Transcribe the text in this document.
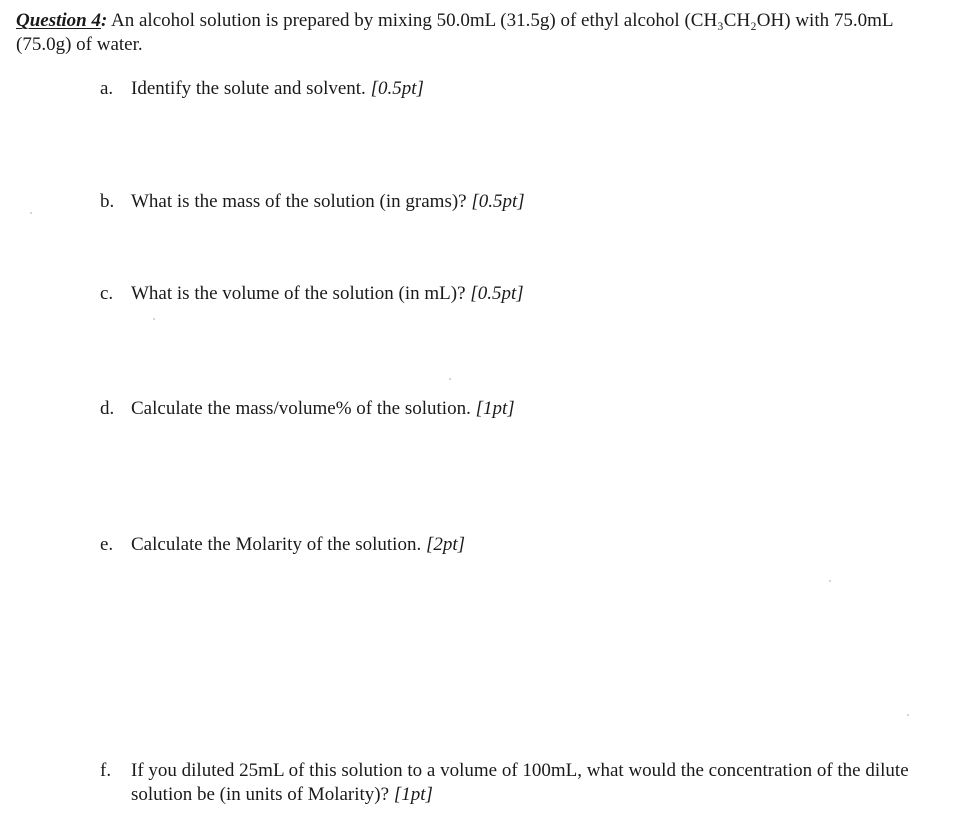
Question 4: An alcohol solution is prepared by mixing 50.0mL (31.5g) of ethyl alcohol (CH₃CH₂OH) with 75.0mL
(75.0g) of water.
a. Identify the solute and solvent. [0.5pt]
b. What is the mass of the solution (in grams)? [0.5pt]
c. What is the volume of the solution (in mL)? [0.5pt]
d. Calculate the mass/volume% of the solution. [1pt]
e. Calculate the Molarity of the solution. [2pt]
f. If you diluted 25mL of this solution to a volume of 100mL, what would the concentration of the dilute
solution be (in units of Molarity)? [1pt]
